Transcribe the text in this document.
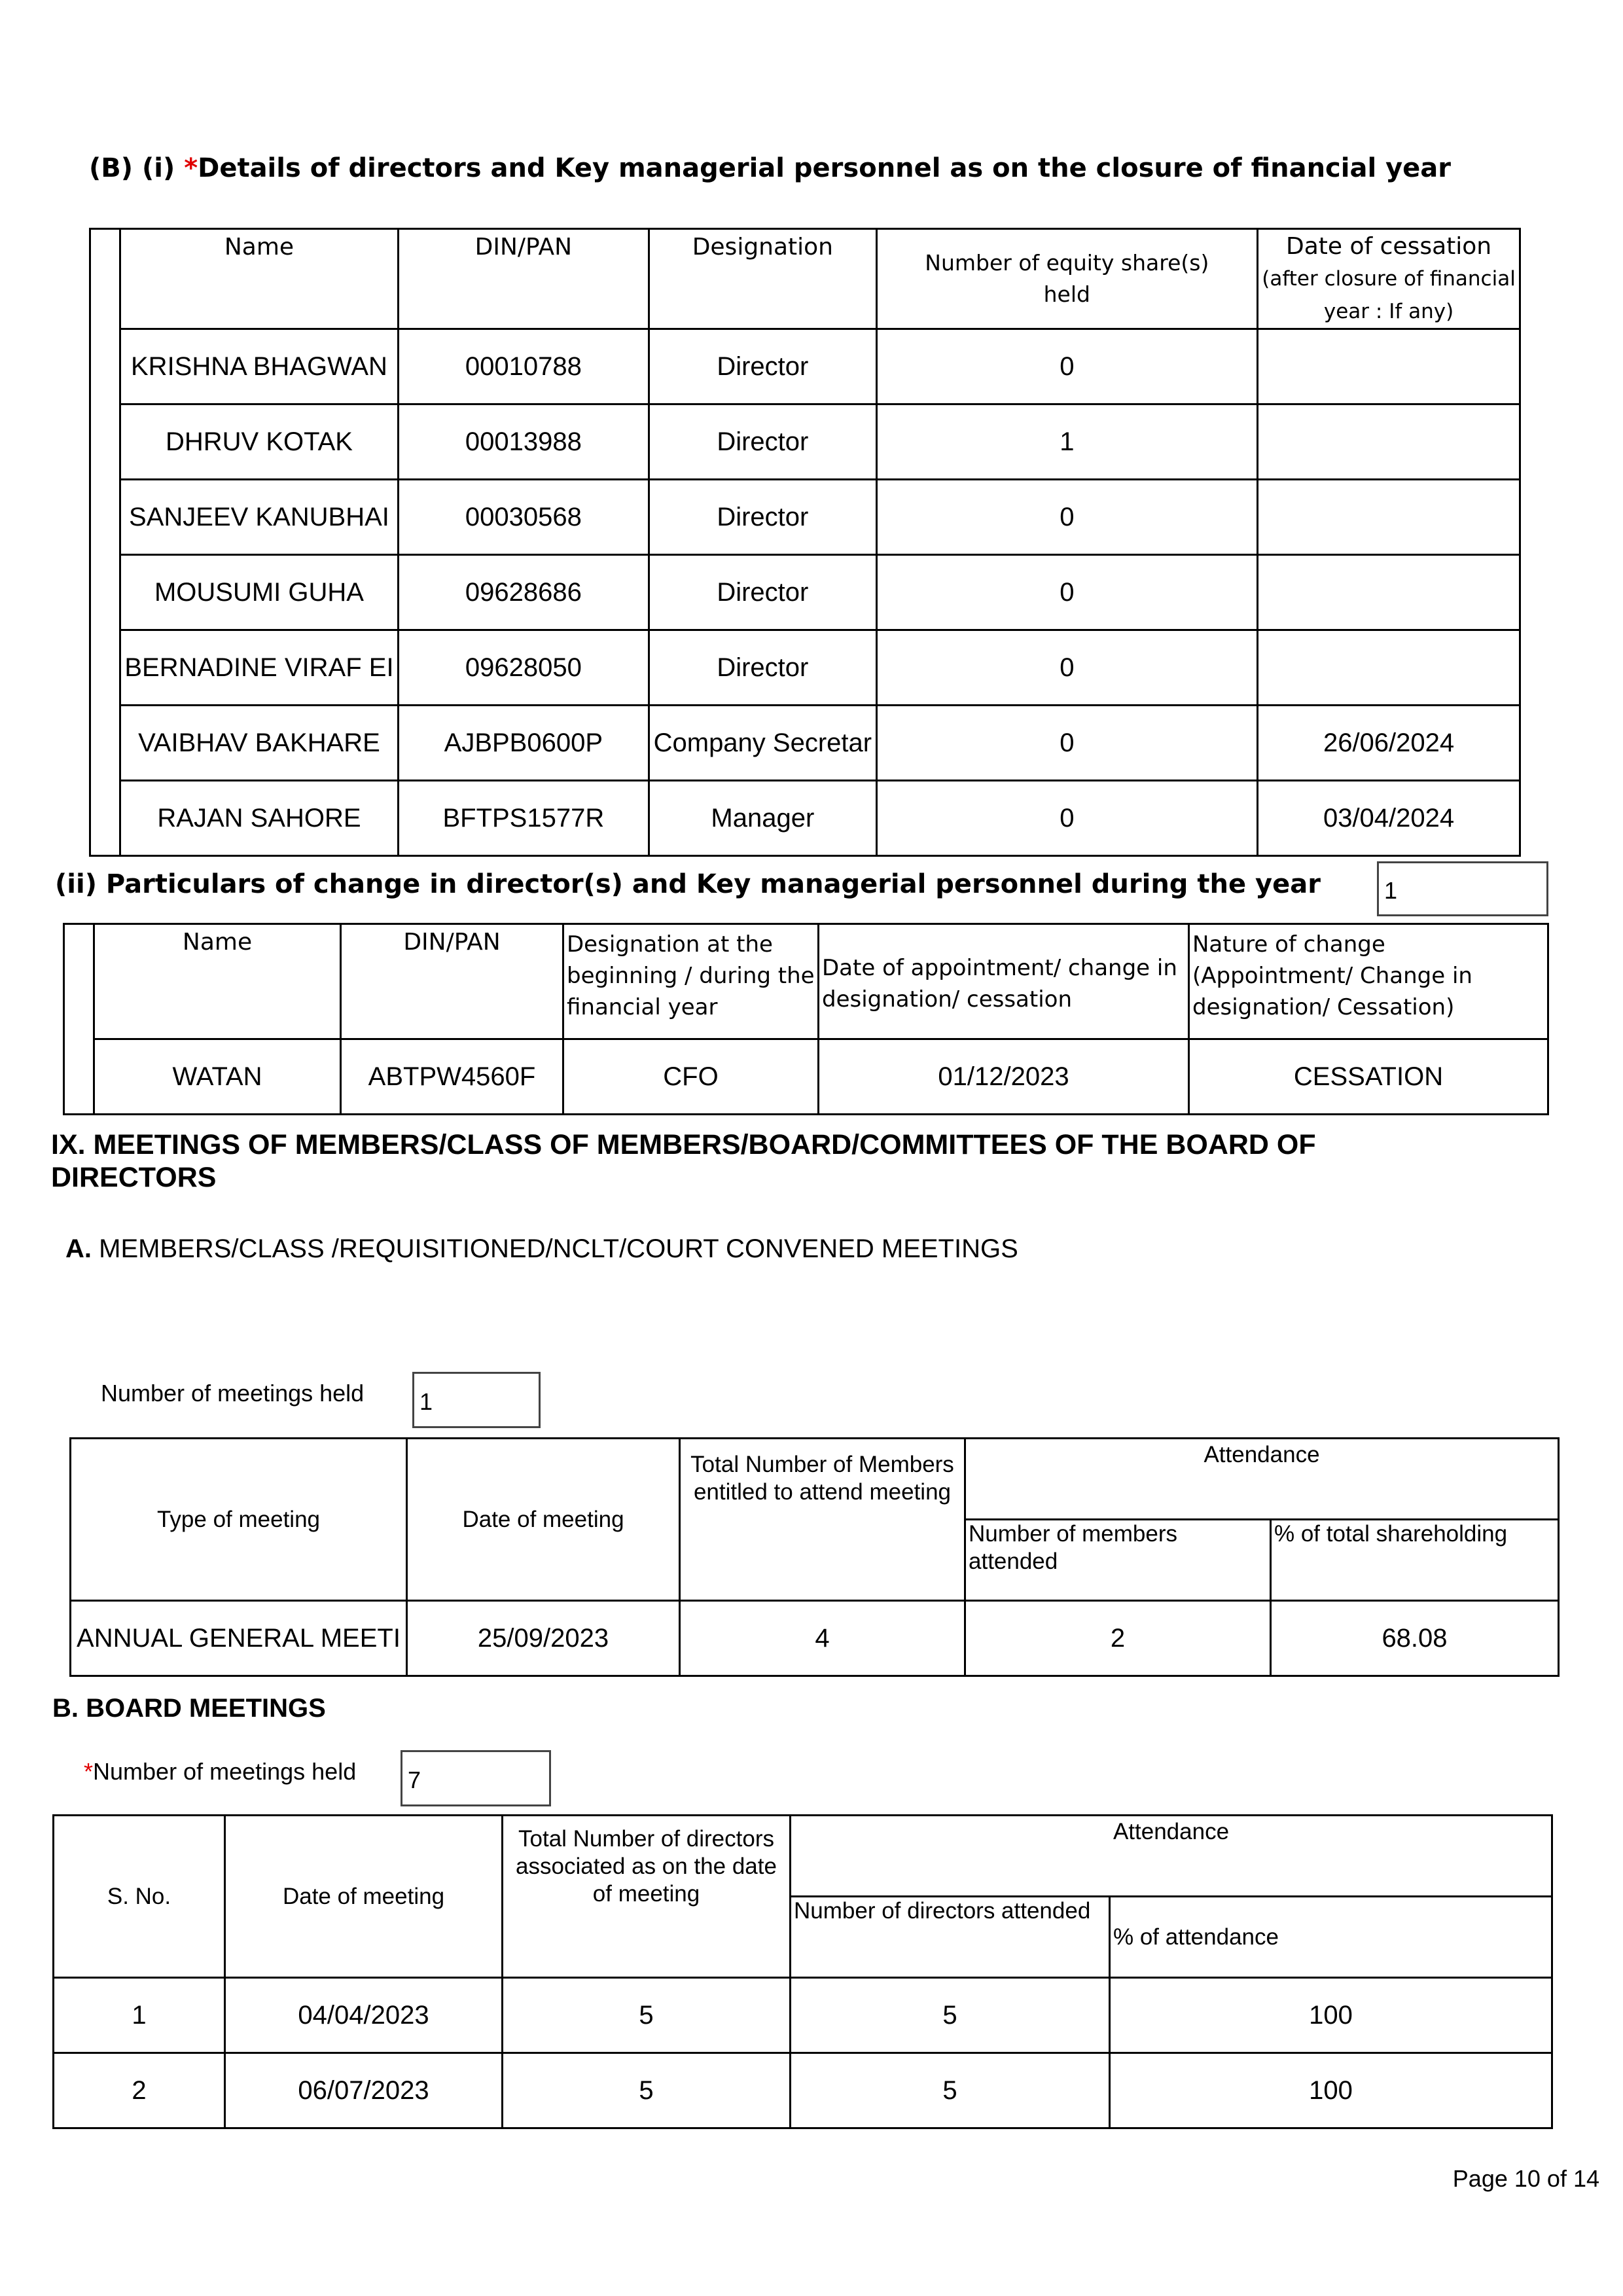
(B) (i) *Details of directors and Key managerial personnel as on the closure of financial year
	Name	DIN/PAN	Designation	Number of equity share(s) held	Date of cessation
(after closure of financial year : If any)

	KRISHNA BHAGWAN	00010788	Director	0	
	DHRUV KOTAK	00013988	Director	1	
	SANJEEV KANUBHAI	00030568	Director	0	
	MOUSUMI GUHA	09628686	Director	0	
	BERNADINE VIRAF EI	09628050	Director	0	
	VAIBHAV BAKHARE	AJBPB0600P	Company Secretar	0	26/06/2024
	RAJAN SAHORE	BFTPS1577R	Manager	0	03/04/2024
(ii) Particulars of change in director(s) and Key managerial personnel during the year	1
	Name	DIN/PAN	Designation at the beginning / during the financial year	Date of appointment/ change in designation/ cessation	Nature of change (Appointment/ Change in designation/ Cessation)
	WATAN	ABTPW4560F	CFO	01/12/2023	CESSATION
IX. MEETINGS OF MEMBERS/CLASS OF MEMBERS/BOARD/COMMITTEES OF THE BOARD OF
DIRECTORS
A. MEMBERS/CLASS /REQUISITIONED/NCLT/COURT CONVENED MEETINGS
Number of meetings held	1
Type of meeting	Date of meeting	Total Number of Members entitled to attend meeting	Attendance	
			Number of members attended	% of total shareholding
ANNUAL GENERAL MEETI	25/09/2023	4	2	68.08
B. BOARD MEETINGS
*Number of meetings held	7
S. No.	Date of meeting	Total Number of directors associated as on the date of meeting	Attendance	
			Number of directors attended	% of attendance
1	04/04/2023	5	5	100
2	06/07/2023	5	5	100
Page 10 of 14
